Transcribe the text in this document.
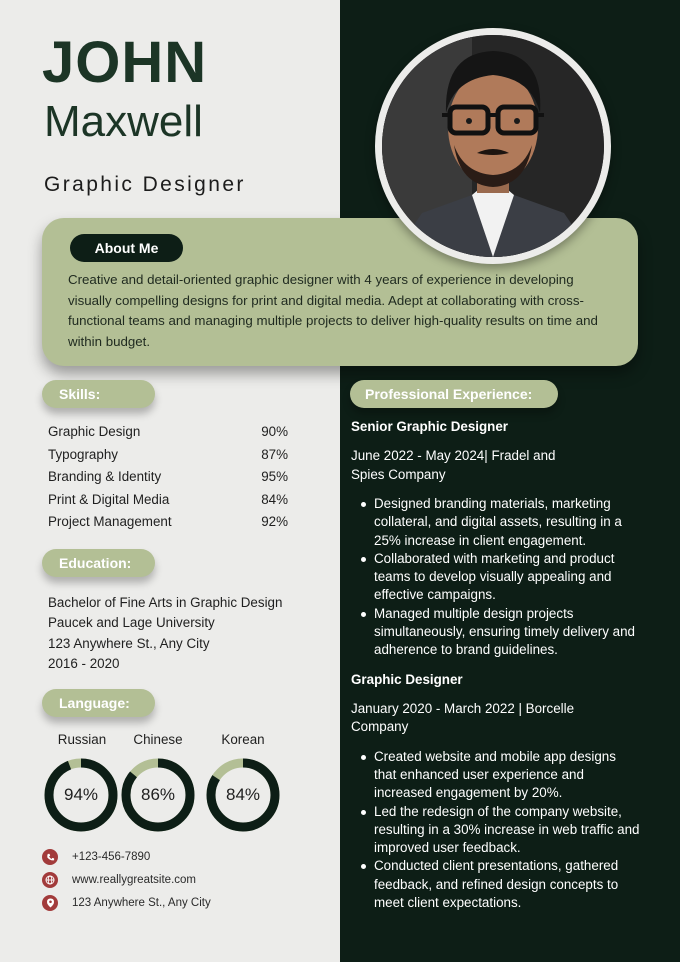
JOHN
Maxwell
Graphic Designer
About Me
Creative and detail-oriented graphic designer with 4 years of experience in developing visually compelling designs for print and digital media. Adept at collaborating with cross-functional teams and managing multiple projects to deliver high-quality results on time and within budget.
Skills:
Graphic Design	90%
Typography	87%
Branding & Identity	95%
Print & Digital Media	84%
Project Management	92%
Education:
Bachelor of Fine Arts in Graphic Design
Paucek and Lage University
123 Anywhere St., Any City
2016 - 2020
Language:
Russian	Chinese	Korean
94%	86%	84%
+123-456-7890
www.reallygreatsite.com
123 Anywhere St., Any City
Professional Experience:
Senior Graphic Designer
June 2022 - May 2024| Fradel and
Spies Company
Designed branding materials, marketing collateral, and digital assets, resulting in a 25% increase in client engagement.
Collaborated with marketing and product teams to develop visually appealing and effective campaigns.
Managed multiple design projects simultaneously, ensuring timely delivery and adherence to brand guidelines.
Graphic Designer
January 2020 - March 2022 | Borcelle
Company
Created website and mobile app designs that enhanced user experience and increased engagement by 20%.
Led the redesign of the company website, resulting in a 30% increase in web traffic and improved user feedback.
Conducted client presentations, gathered feedback, and refined design concepts to meet client expectations.
